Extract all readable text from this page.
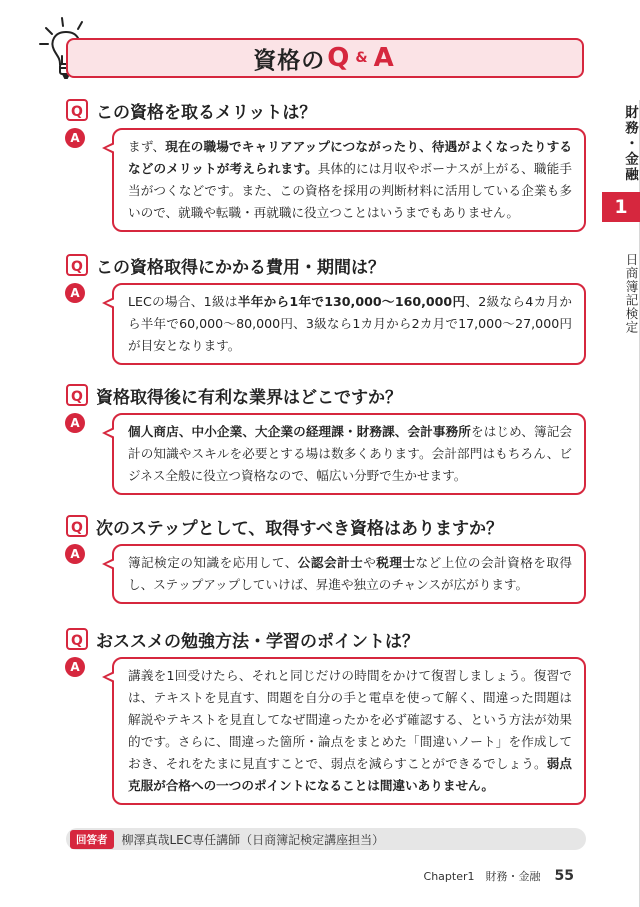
資格の Q & A
財務・金融
1
日商簿記検定
Q この資格を取るメリットは？
A
まず、現在の職場でキャリアアップにつながったり、待遇がよくなったりするなどのメリットが考えられます。具体的には月収やボーナスが上がる、職能手当がつくなどです。また、この資格を採用の判断材料に活用している企業も多いので、就職や転職・再就職に役立つことはいうまでもありません。
Q この資格取得にかかる費用・期間は？
A
LECの場合、1級は半年から1年で130,000〜160,000円、2級なら4カ月から半年で60,000〜80,000円、3級なら1カ月から2カ月で17,000〜27,000円が目安となります。
Q 資格取得後に有利な業界はどこですか？
A
個人商店、中小企業、大企業の経理課・財務課、会計事務所をはじめ、簿記会計の知識やスキルを必要とする場は数多くあります。会計部門はもちろん、ビジネス全般に役立つ資格なので、幅広い分野で生かせます。
Q 次のステップとして、取得すべき資格はありますか？
A
簿記検定の知識を応用して、公認会計士や税理士など上位の会計資格を取得し、ステップアップしていけば、昇進や独立のチャンスが広がります。
Q おススメの勉強方法・学習のポイントは？
A
講義を1回受けたら、それと同じだけの時間をかけて復習しましょう。復習では、テキストを見直す、問題を自分の手と電卓を使って解く、間違った問題は解説やテキストを見直してなぜ間違ったかを必ず確認する、という方法が効果的です。さらに、間違った箇所・論点をまとめた「間違いノート」を作成しておき、それをたまに見直すことで、弱点を減らすことができるでしょう。弱点克服が合格への一つのポイントになることは間違いありません。
回答者	柳澤真哉LEC専任講師（日商簿記検定講座担当）
Chapter1　財務・金融 55
